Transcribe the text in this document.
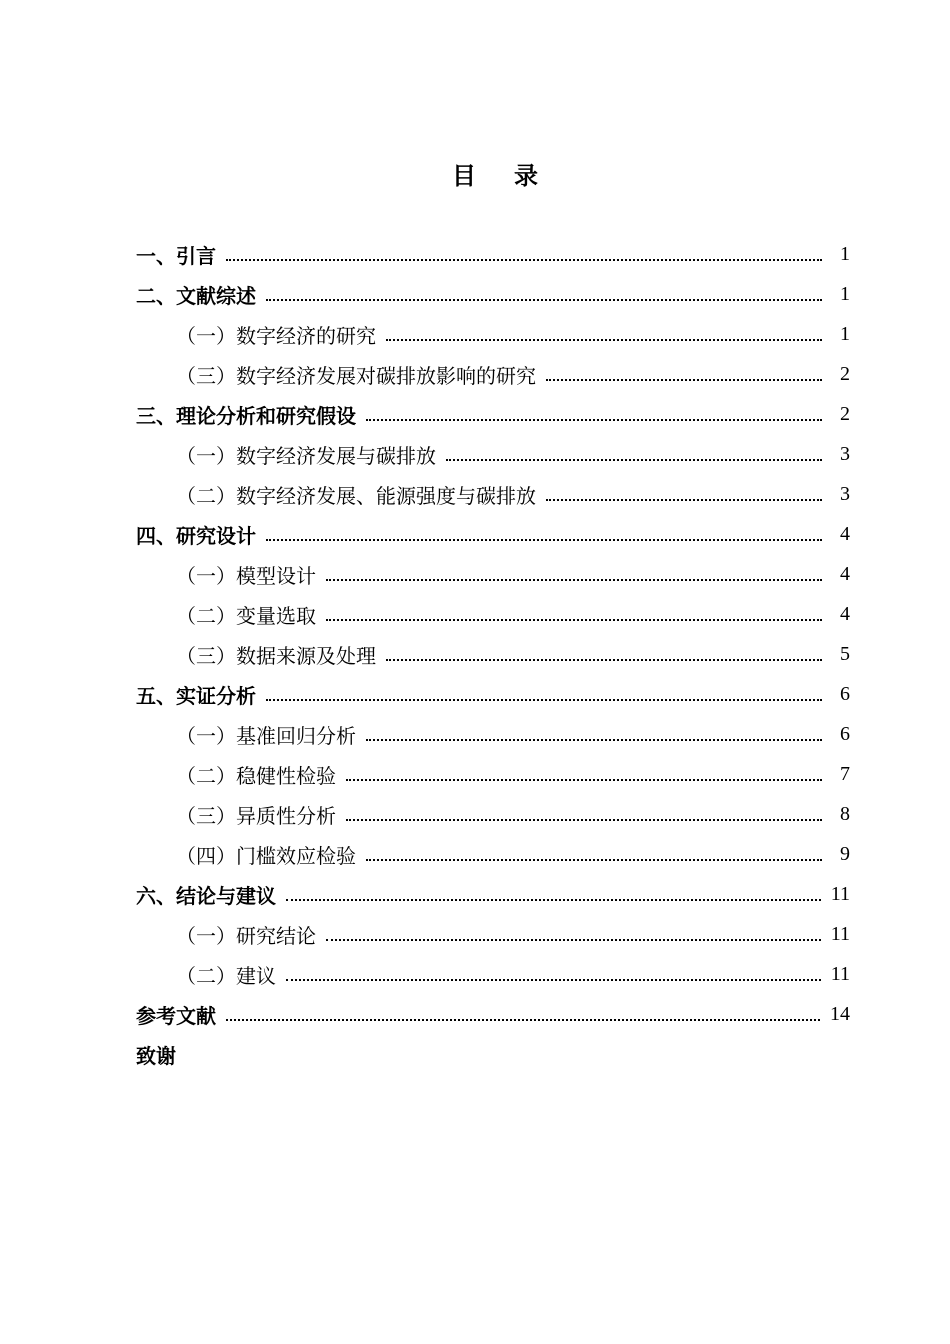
目 录
一、引言	1
二、文献综述	1
（一）数字经济的研究	1
（三）数字经济发展对碳排放影响的研究	2
三、理论分析和研究假设	2
（一）数字经济发展与碳排放	3
（二）数字经济发展、能源强度与碳排放	3
四、研究设计	4
（一）模型设计	4
（二）变量选取	4
（三）数据来源及处理	5
五、实证分析	6
（一）基准回归分析	6
（二）稳健性检验	7
（三）异质性分析	8
（四）门槛效应检验	9
六、结论与建议	11
（一）研究结论	11
（二）建议	11
参考文献	14
致谢
